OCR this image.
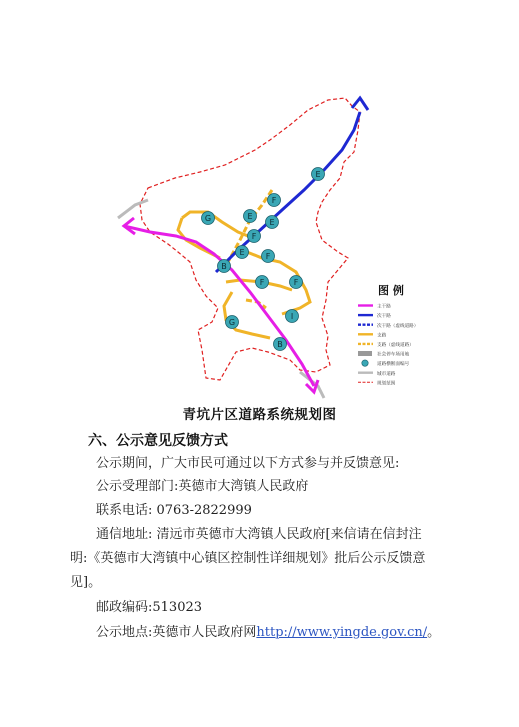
E
F
E
E
F
G
E	F
B
F	F
G
I
B
图 例
主干路
次干路
次干路（虚线道路）
支路
支路（虚线道路）
社会停车场用地
道路横断面编号
城市道路
规划范围
青坑片区道路系统规划图
六、公示意见反馈方式
公示期间，广大市民可通过以下方式参与并反馈意见:
公示受理部门:英德市大湾镇人民政府
联系电话: 0763-2822999
通信地址: 清远市英德市大湾镇人民政府[来信请在信封注
明:《英德市大湾镇中心镇区控制性详细规划》批后公示反馈意
见]。
邮政编码:513023
公示地点:英德市人民政府网http://www.yingde.gov.cn/。
